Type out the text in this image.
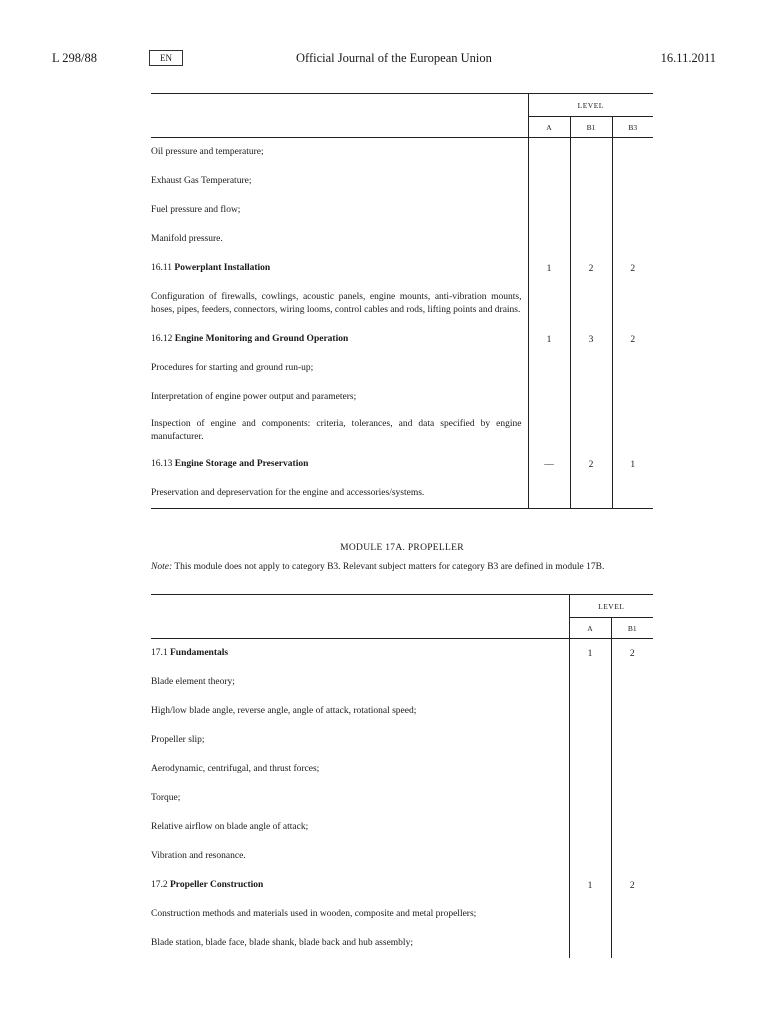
L 298/88	EN	Official Journal of the European Union	16.11.2011
	LEVEL		
	A	B1	B3
Oil pressure and temperature;			
Exhaust Gas Temperature;			
Fuel pressure and flow;			
Manifold pressure.			
16.11 Powerplant Installation	1	2	2
Configuration of firewalls, cowlings, acoustic panels, engine mounts, anti-vibration mounts, hoses, pipes, feeders, connectors, wiring looms, control cables and rods, lifting points and drains.			
16.12 Engine Monitoring and Ground Operation	1	3	2
Procedures for starting and ground run-up;			
Interpretation of engine power output and parameters;			
Inspection of engine and components: criteria, tolerances, and data specified by engine manufacturer.			
16.13 Engine Storage and Preservation	—	2	1
Preservation and depreservation for the engine and accessories/systems.			
MODULE 17A. PROPELLER
Note: This module does not apply to category B3. Relevant subject matters for category B3 are defined in module 17B.
	LEVEL	
	A	B1
17.1 Fundamentals	1	2
Blade element theory;		
High/low blade angle, reverse angle, angle of attack, rotational speed;		
Propeller slip;		
Aerodynamic, centrifugal, and thrust forces;		
Torque;		
Relative airflow on blade angle of attack;		
Vibration and resonance.		
17.2 Propeller Construction	1	2
Construction methods and materials used in wooden, composite and metal propellers;		
Blade station, blade face, blade shank, blade back and hub assembly;		
